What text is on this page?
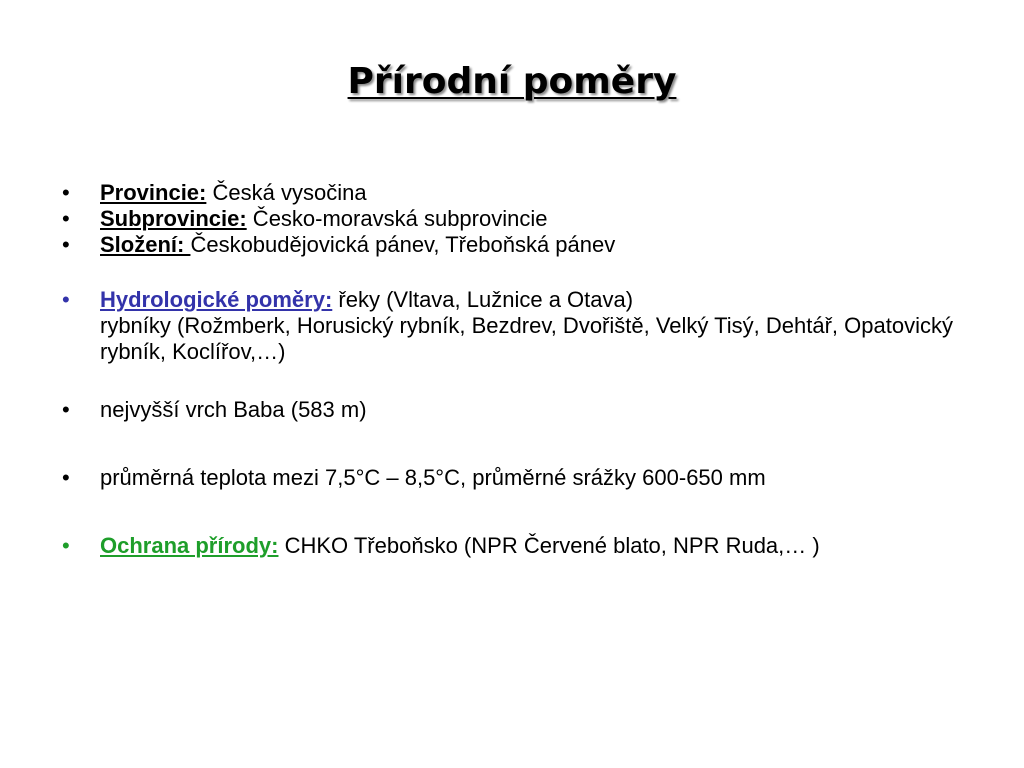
Přírodní poměry
•	Provincie: Česká vysočina
•	Subprovincie: Česko-moravská subprovincie
•	Složení: Českobudějovická pánev, Třeboňská pánev
•	Hydrologické poměry: řeky (Vltava, Lužnice a Otava)
rybníky (Rožmberk, Horusický rybník, Bezdrev, Dvořiště, Velký Tisý, Dehtář, Opatovický rybník, Koclířov,…)
•	nejvyšší vrch Baba (583 m)
•	průměrná teplota mezi 7,5°C – 8,5°C, průměrné srážky 600-650 mm
•	Ochrana přírody: CHKO Třeboňsko (NPR Červené blato, NPR Ruda,… )
